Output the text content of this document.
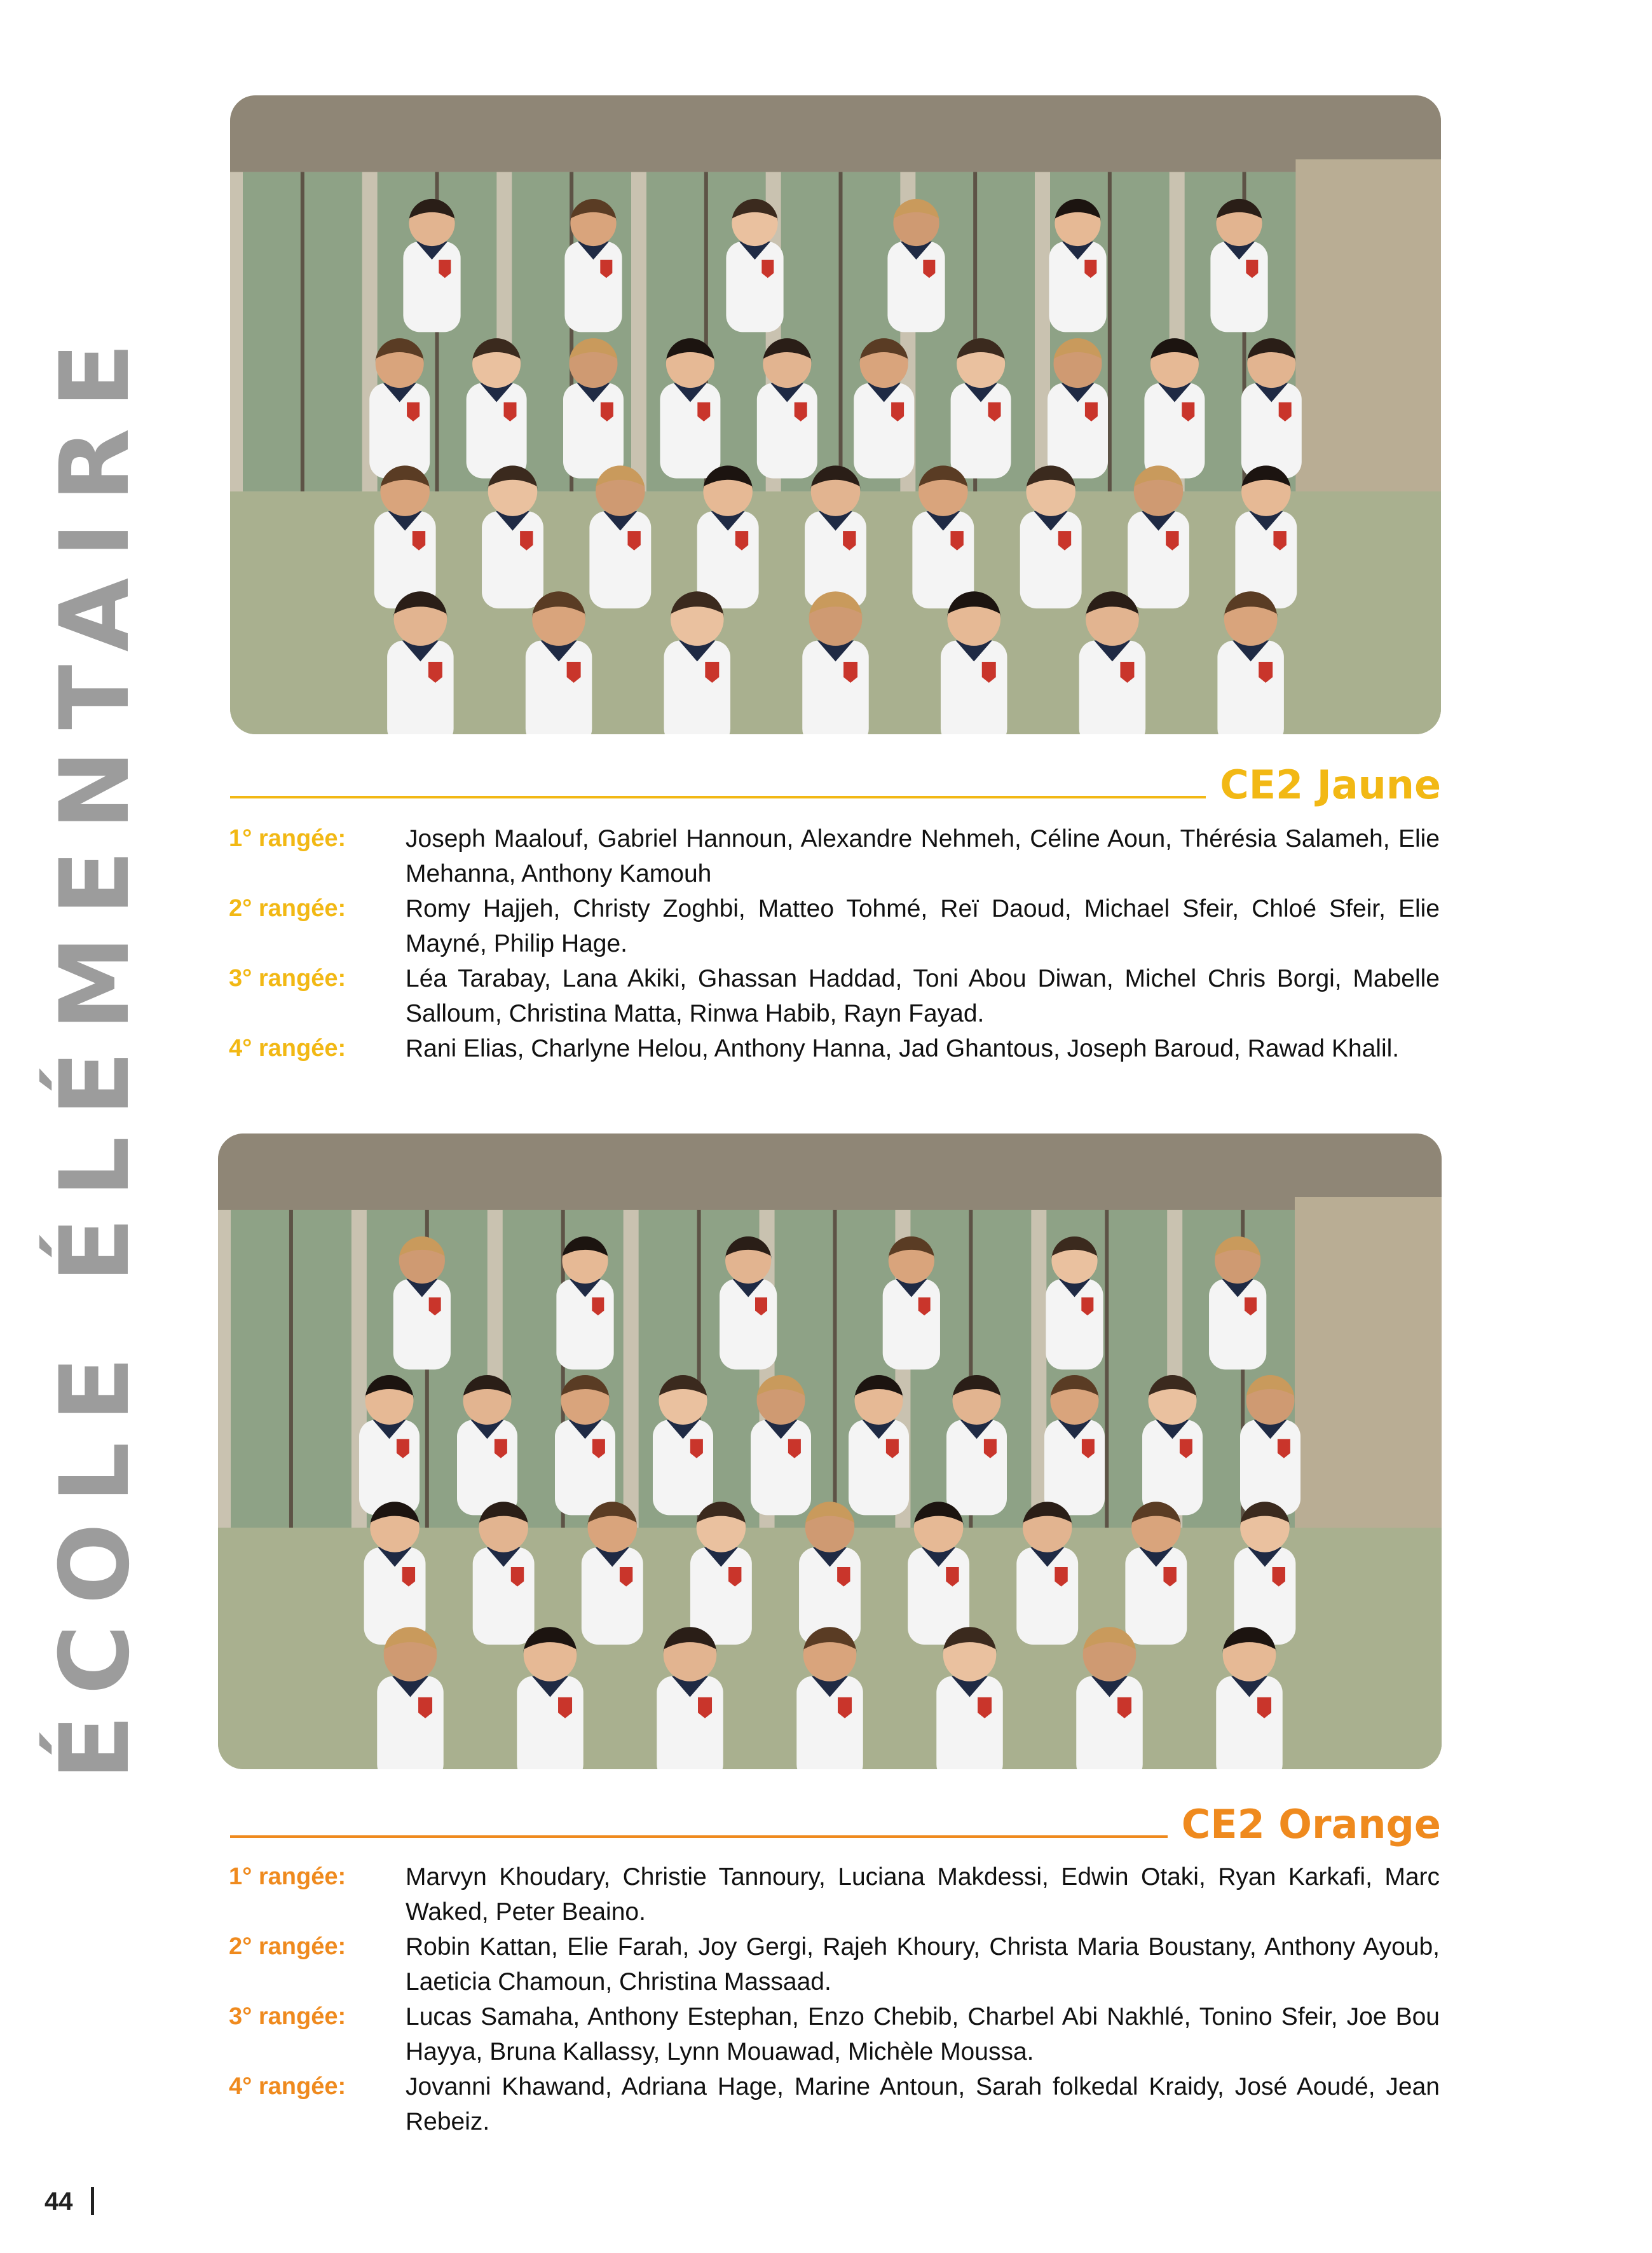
ÉCOLE ÉLÉMENTAIRE	CE2 Jaune
1° rangée:	Joseph Maalouf, Gabriel Hannoun, Alexandre Nehmeh, Céline Aoun, Thérésia Salameh, Elie Mehanna, Anthony Kamouh
2° rangée:	Romy Hajjeh, Christy Zoghbi, Matteo Tohmé, Reï Daoud, Michael Sfeir, Chloé Sfeir, Elie Mayné, Philip Hage.
3° rangée:	Léa Tarabay, Lana Akiki, Ghassan Haddad, Toni Abou Diwan, Michel Chris Borgi, Mabelle Salloum, Christina Matta, Rinwa Habib, Rayn Fayad.
4° rangée:	Rani Elias, Charlyne Helou, Anthony Hanna, Jad Ghantous, Joseph Baroud, Rawad Khalil.
CE2 Orange
1° rangée:	Marvyn Khoudary, Christie Tannoury, Luciana Makdessi, Edwin Otaki, Ryan Karkafi, Marc Waked, Peter Beaino.
2° rangée:	Robin Kattan, Elie Farah, Joy Gergi, Rajeh Khoury, Christa Maria Boustany, Anthony Ayoub, Laeticia Chamoun, Christina Massaad.
3° rangée:	Lucas Samaha, Anthony Estephan, Enzo Chebib, Charbel Abi Nakhlé, Tonino Sfeir, Joe Bou Hayya, Bruna Kallassy, Lynn Mouawad, Michèle Moussa.
4° rangée:	Jovanni Khawand, Adriana Hage, Marine Antoun, Sarah folkedal Kraidy, José Aoudé, Jean Rebeiz.
44
